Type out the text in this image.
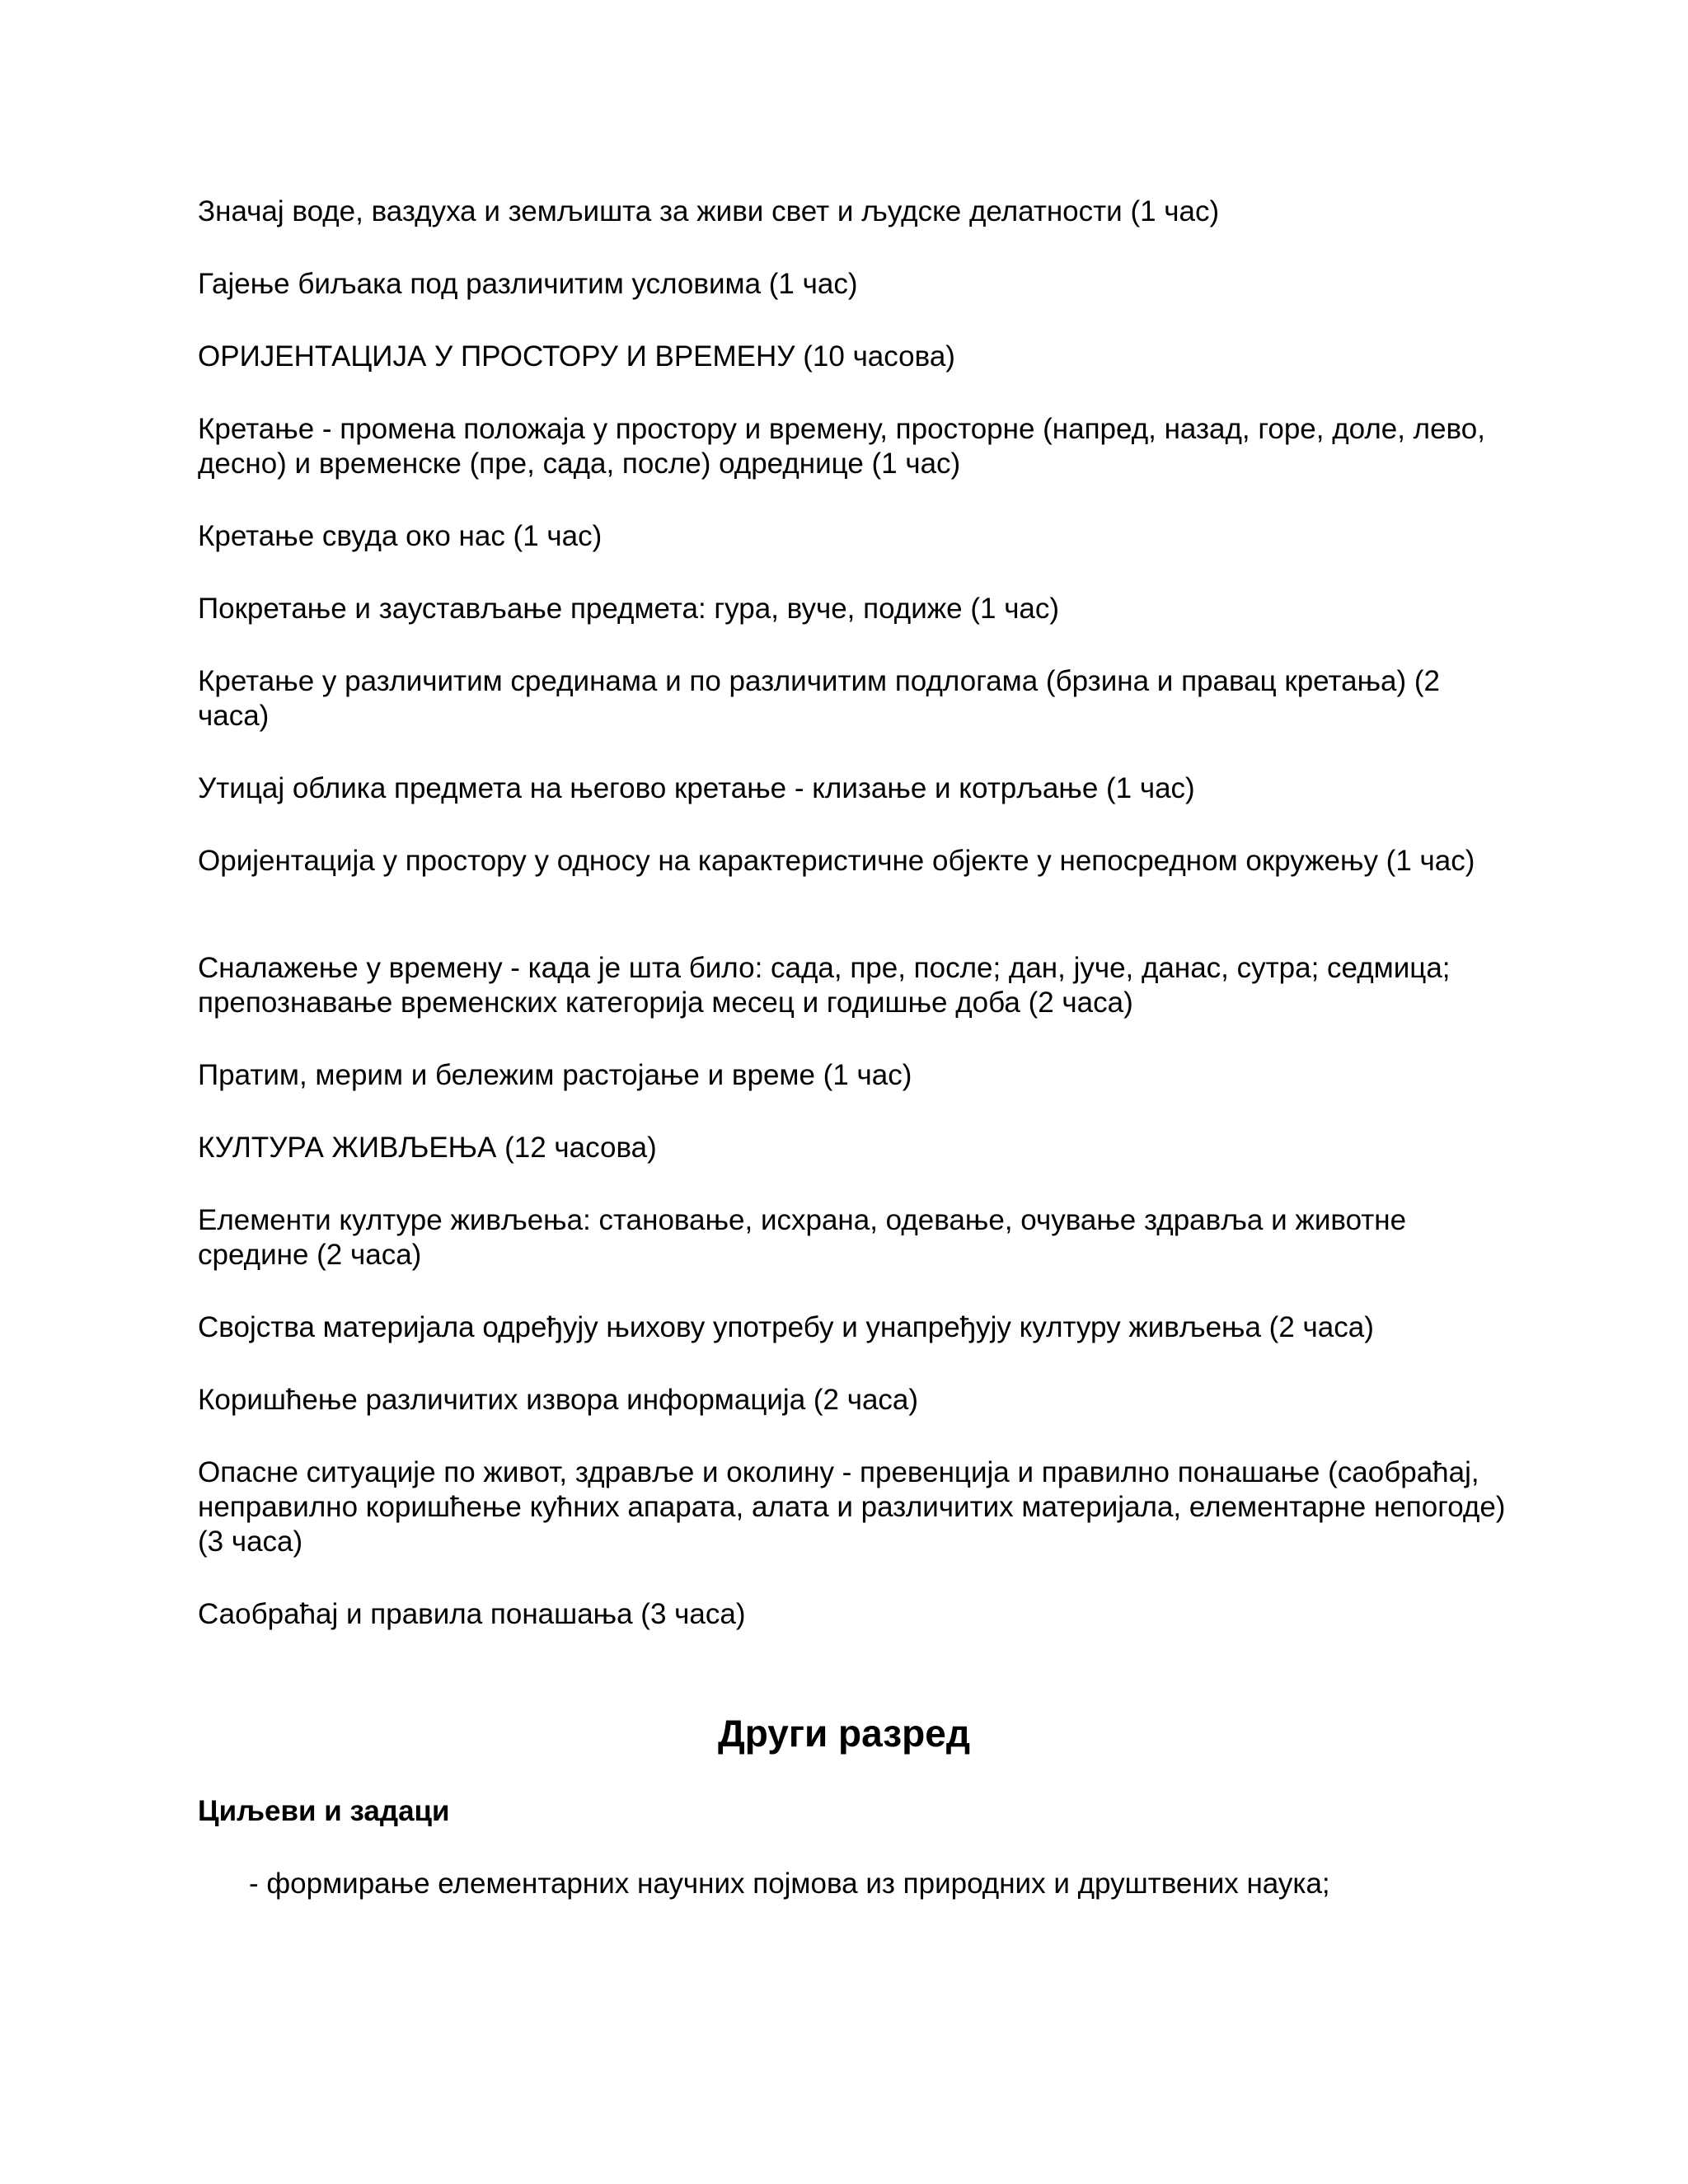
Значај воде, ваздуха и земљишта за живи свет и људске делатности (1 час)

Гајење биљака под различитим условима (1 час)

ОРИЈЕНТАЦИЈА У ПРОСТОРУ И ВРЕМЕНУ (10 часова)

Кретање - промена положаја у простору и времену, просторне (напред, назад, горе, доле, лево, десно) и временске (пре, сада, после) одреднице (1 час)

Кретање свуда око нас (1 час)

Покретање и заустављање предмета: гура, вуче, подиже (1 час)

Кретање у различитим срединама и по различитим подлогама (брзина и правац кретања) (2 часа)

Утицај облика предмета на његово кретање - клизање и котрљање (1 час)

Оријентација у простору у односу на карактеристичне објекте у непосредном окружењу (1 час)

Сналажење у времену - када је шта било: сада, пре, после; дан, јуче, данас, сутра; седмица; препознавање временских категорија месец и годишње доба (2 часа)

Пратим, мерим и бележим растојање и време (1 час)

КУЛТУРА ЖИВЉЕЊА (12 часова)

Елементи културе живљења: становање, исхрана, одевање, очување здравља и животне средине (2 часа)

Својства материјала одређују њихову употребу и унапређују културу живљења (2 часа)

Коришћење различитих извора информација (2 часа)

Опасне ситуације по живот, здравље и околину - превенција и правилно понашање (саобраћај, неправилно коришћење кућних апарата, алата и различитих материјала, елементарне непогоде) (3 часа)

Саобраћај и правила понашања (3 часа)

Други разред
Циљеви и задаци

- формирање елементарних научних појмова из природних и друштвених наука;
